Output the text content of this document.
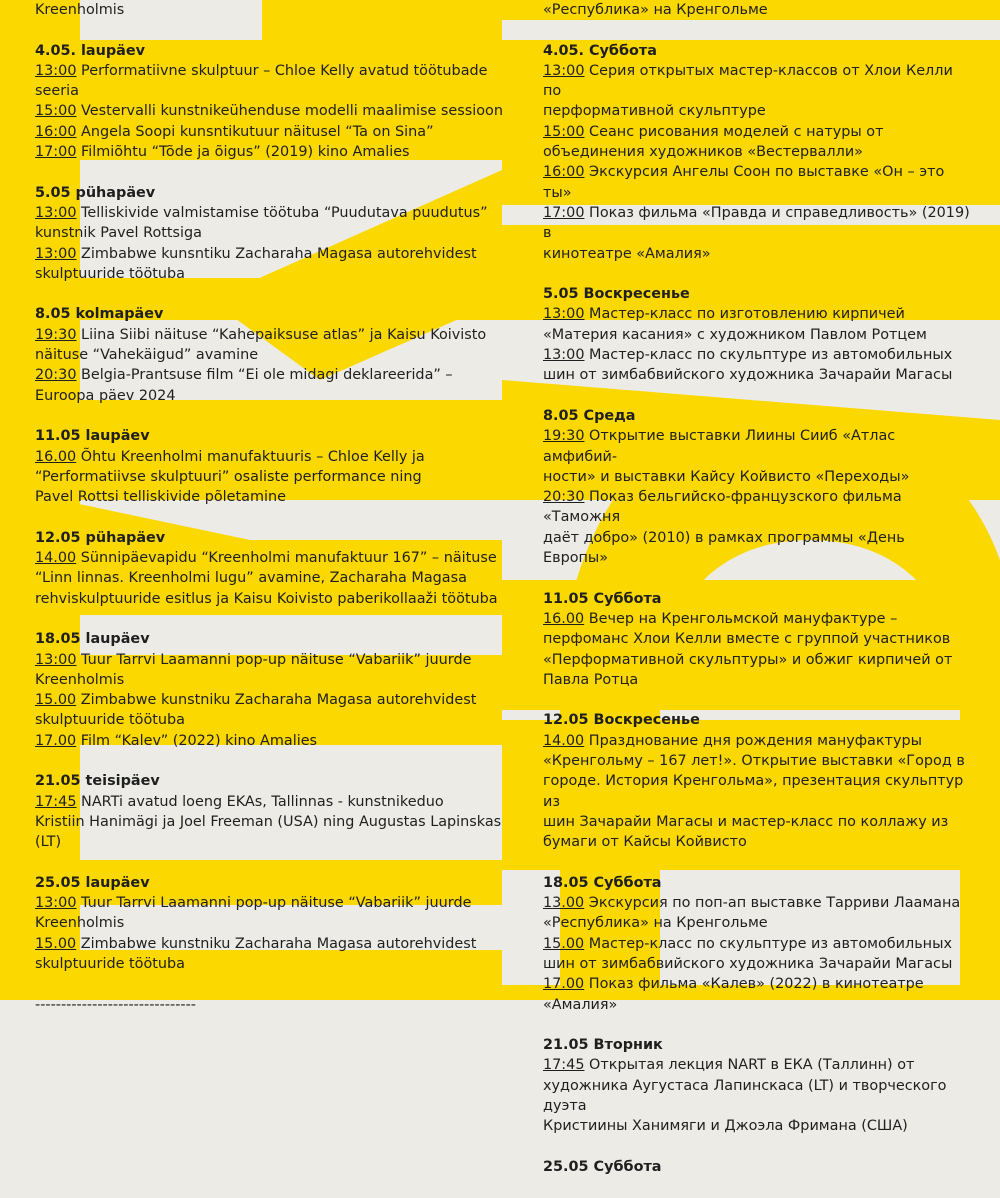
Kreenholmis
4.05. laupäev
13:00 Performatiivne skulptuur – Chloe Kelly avatud töötubade
seeria
15:00 Vestervalli kunstnikeühenduse modelli maalimise sessioon
16:00 Angela Soopi kunsntikutuur näitusel “Ta on Sina”
17:00 Filmiõhtu “Tõde ja õigus” (2019) kino Amalies
5.05 pühapäev
13:00 Telliskivide valmistamise töötuba “Puudutava puudutus”
kunstnik Pavel Rottsiga
13:00 Zimbabwe kunsntiku Zacharaha Magasa autorehvidest
skulptuuride töötuba
8.05 kolmapäev
19:30 Liina Siibi näituse “Kahepaiksuse atlas” ja Kaisu Koivisto
näituse “Vahekäigud” avamine
20:30 Belgia-Prantsuse film “Ei ole midagi deklareerida” –
Euroopa päev 2024
11.05 laupäev
16.00 Õhtu Kreenholmi manufaktuuris – Chloe Kelly ja
“Performatiivse skulptuuri” osaliste performance ning
Pavel Rottsi telliskivide põletamine
12.05 pühapäev
14.00 Sünnipäevapidu “Kreenholmi manufaktuur 167” – näituse
“Linn linnas. Kreenholmi lugu” avamine, Zacharaha Magasa
rehviskulptuuride esitlus ja Kaisu Koivisto paberikollaaži töötuba
18.05 laupäev
13:00 Tuur Tarrvi Laamanni pop-up näituse “Vabariik” juurde
Kreenholmis
15.00 Zimbabwe kunstniku Zacharaha Magasa autorehvidest
skulptuuride töötuba
17.00 Film “Kalev” (2022) kino Amalies
21.05 teisipäev
17:45 NARTi avatud loeng EKAs, Tallinnas - kunstnikeduo
Kristiin Hanimägi ja Joel Freeman (USA) ning Augustas Lapinskas
(LT)
25.05 laupäev
13:00 Tuur Tarrvi Laamanni pop-up näituse “Vabariik” juurde
Kreenholmis
15.00 Zimbabwe kunstniku Zacharaha Magasa autorehvidest
skulptuuride töötuba
-------------------------------
«Республика» на Кренгольме
4.05. Суббота
13:00 Серия открытых мастер-классов от Хлои Келли по
перформативной скульптуре
15:00 Сеанс рисования моделей с натуры от
объединения художников «Вестервалли»
16:00 Экскурсия Ангелы Соон по выставке «Он – это ты»
17:00 Показ фильма «Правда и справедливость» (2019) в
кинотеатре «Амалия»
5.05 Воскресенье
13:00 Мастер-класс по изготовлению кирпичей
«Материя касания» с художником Павлом Ротцем
13:00 Мастер-класс по скульптуре из автомобильных
шин от зимбабвийского художника Зачарайи Магасы
8.05 Среда
19:30 Открытие выставки Лиины Сииб «Атлас амфибий-
ности» и выставки Кайсу Койвисто «Переходы»
20:30 Показ бельгийско-французского фильма «Таможня
даёт добро» (2010) в рамках программы «День Европы»
11.05 Суббота
16.00 Вечер на Кренгольмской мануфактуре –
перфоманс Хлои Келли вместе с группой участников
«Перформативной скульптуры» и обжиг кирпичей от
Павла Ротца
12.05 Воскресенье
14.00 Празднование дня рождения мануфактуры
«Кренгольму – 167 лет!». Открытие выставки «Город в
городе. История Кренгольма», презентация скульптур из
шин Зачарайи Магасы и мастер-класс по коллажу из
бумаги от Кайсы Койвисто
18.05 Суббота
13.00 Экскурсия по поп-ап выставке Тарриви Лаамана
«Республика» на Кренгольме
15.00 Мастер-класс по скульптуре из автомобильных
шин от зимбабвийского художника Зачарайи Магасы
17.00 Показ фильма «Калев» (2022) в кинотеатре
«Амалия»
21.05 Вторник
17:45 Открытая лекция NART в ЕКА (Таллинн) от
художника Аугустаса Лапинскаса (LT) и творческого дуэта
Кристиины Ханимяги и Джоэла Фримана (США)
25.05 Суббота
